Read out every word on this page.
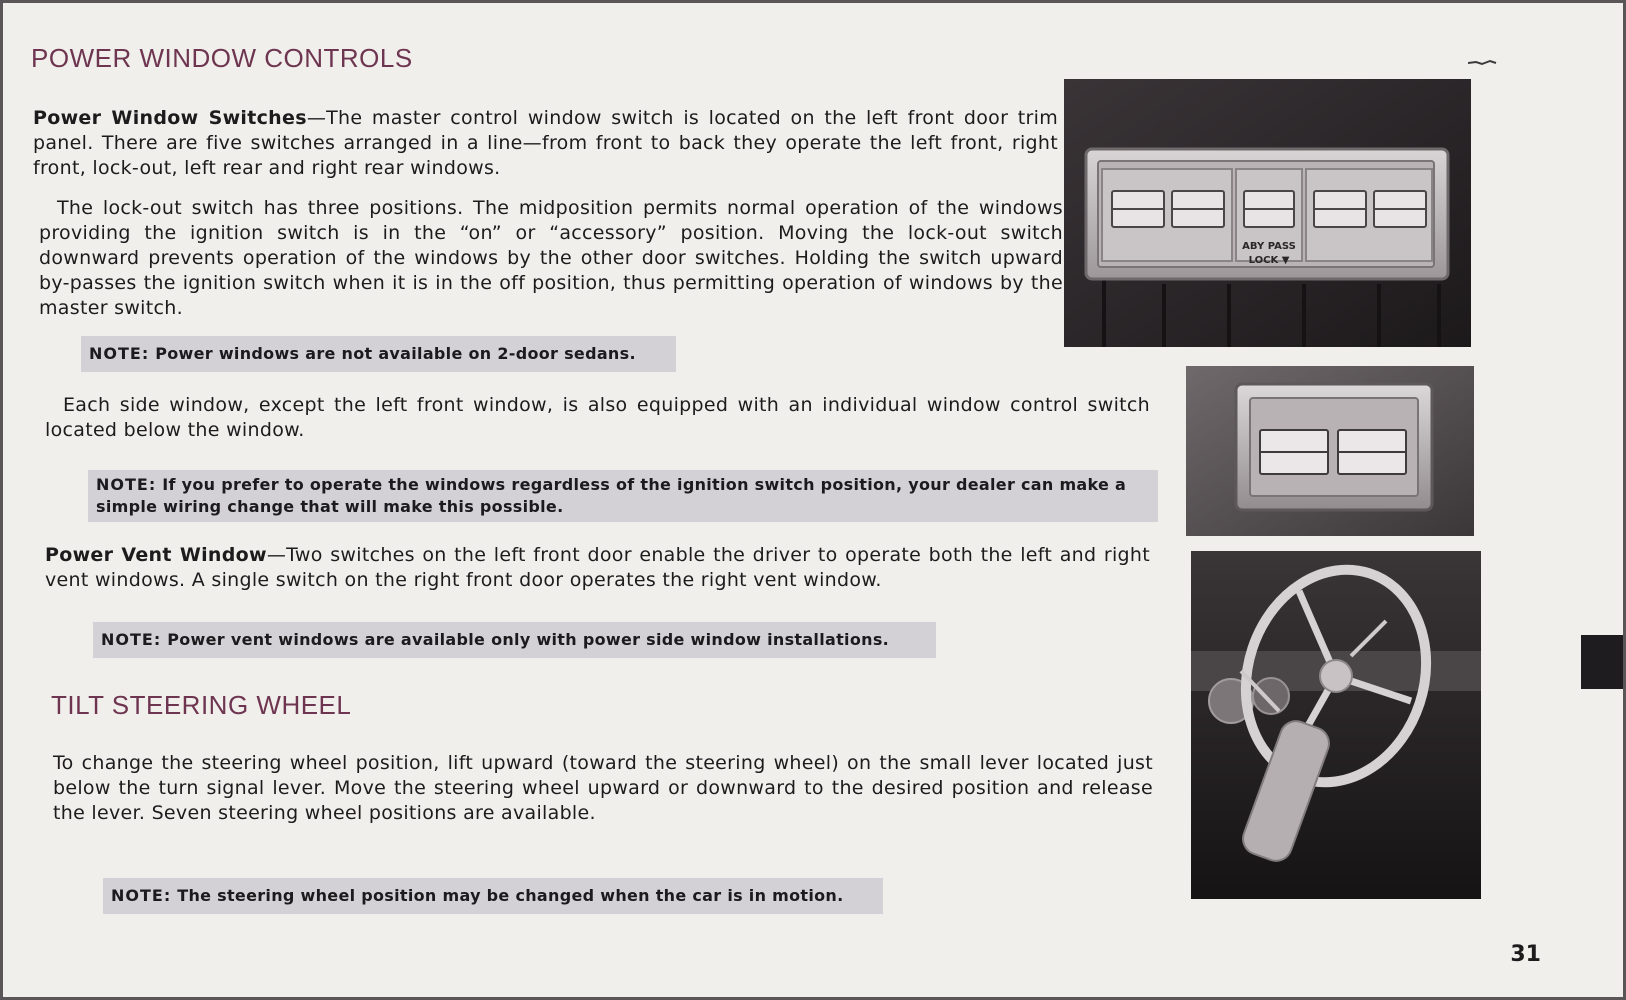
POWER WINDOW CONTROLS

Power Window Switches—The master control window switch is located on the left front door trim panel. There are five switches arranged in a line—from front to back they operate the left front, right front, lock-out, left rear and right rear windows.

The lock-out switch has three positions. The midposition permits normal operation of the windows providing the ignition switch is in the “on” or “accessory” position. Moving the lock-out switch downward prevents operation of the windows by the other door switches. Holding the switch upward by-passes the ignition switch when it is in the off position, thus permitting operation of windows by the master switch.

NOTE: Power windows are not available on 2-door sedans.

Each side window, except the left front window, is also equipped with an individual window control switch located below the window.

NOTE: If you prefer to operate the windows regardless of the ignition switch position, your dealer can make a simple wiring change that will make this possible.

Power Vent Window—Two switches on the left front door enable the driver to operate both the left and right vent windows. A single switch on the right front door operates the right vent window.

NOTE: Power vent windows are available only with power side window installations.
TILT STEERING WHEEL

To change the steering wheel position, lift upward (toward the steering wheel) on the small lever located just below the turn signal lever. Move the steering wheel upward or downward to the desired position and release the lever. Seven steering wheel positions are available.

NOTE: The steering wheel position may be changed when the car is in motion.
ABY PASS
LOCK ▼
31
